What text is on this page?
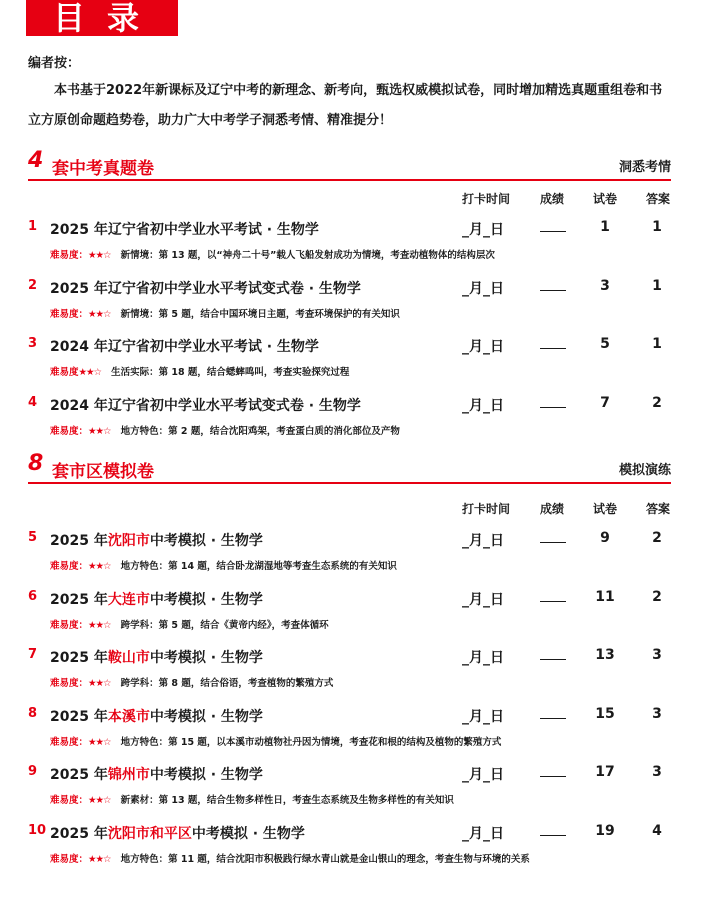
目录
编者按：
本书基于2022年新课标及辽宁中考的新理念、新考向，甄选权威模拟试卷，同时增加精选真题重组卷和书立方原创命题趋势卷，助力广大中考学子洞悉考情、精准提分！
4 套中考真题卷	洞悉考情
打卡时间 成绩 试卷 答案
1 2025 年辽宁省初中学业水平考试 · 生物学	_月_日	1	1
难易度：★★☆ 新情境：第 13 题，以“神舟二十号”载人飞船发射成功为情境，考查动植物体的结构层次
2 2025 年辽宁省初中学业水平考试变式卷 · 生物学	_月_日	3	1
难易度：★★☆ 新情境：第 5 题，结合中国环境日主题，考查环境保护的有关知识
3 2024 年辽宁省初中学业水平考试 · 生物学	_月_日	5	1
难易度★★☆ 生活实际：第 18 题，结合蟋蟀鸣叫，考查实验探究过程
4 2024 年辽宁省初中学业水平考试变式卷 · 生物学	_月_日	7	2
难易度：★★☆ 地方特色：第 2 题，结合沈阳鸡架，考查蛋白质的消化部位及产物
8 套市区模拟卷	模拟演练
打卡时间 成绩 试卷 答案
5 2025 年沈阳市中考模拟 · 生物学	_月_日	9	2
难易度：★★☆ 地方特色：第 14 题，结合卧龙湖湿地等考查生态系统的有关知识
6 2025 年大连市中考模拟 · 生物学	_月_日	11	2
难易度：★★☆ 跨学科：第 5 题，结合《黄帝内经》，考查体循环
7 2025 年鞍山市中考模拟 · 生物学	_月_日	13	3
难易度：★★☆ 跨学科：第 8 题，结合俗语，考查植物的繁殖方式
8 2025 年本溪市中考模拟 · 生物学	_月_日	15	3
难易度：★★☆ 地方特色：第 15 题，以本溪市动植物社丹因为情境，考查花和根的结构及植物的繁殖方式
9 2025 年锦州市中考模拟 · 生物学	_月_日	17	3
难易度：★★☆ 新素材：第 13 题，结合生物多样性日，考查生态系统及生物多样性的有关知识
10 2025 年沈阳市和平区中考模拟 · 生物学	_月_日	19	4
难易度：★★☆ 地方特色：第 11 题，结合沈阳市积极践行绿水青山就是金山银山的理念，考查生物与环境的关系
